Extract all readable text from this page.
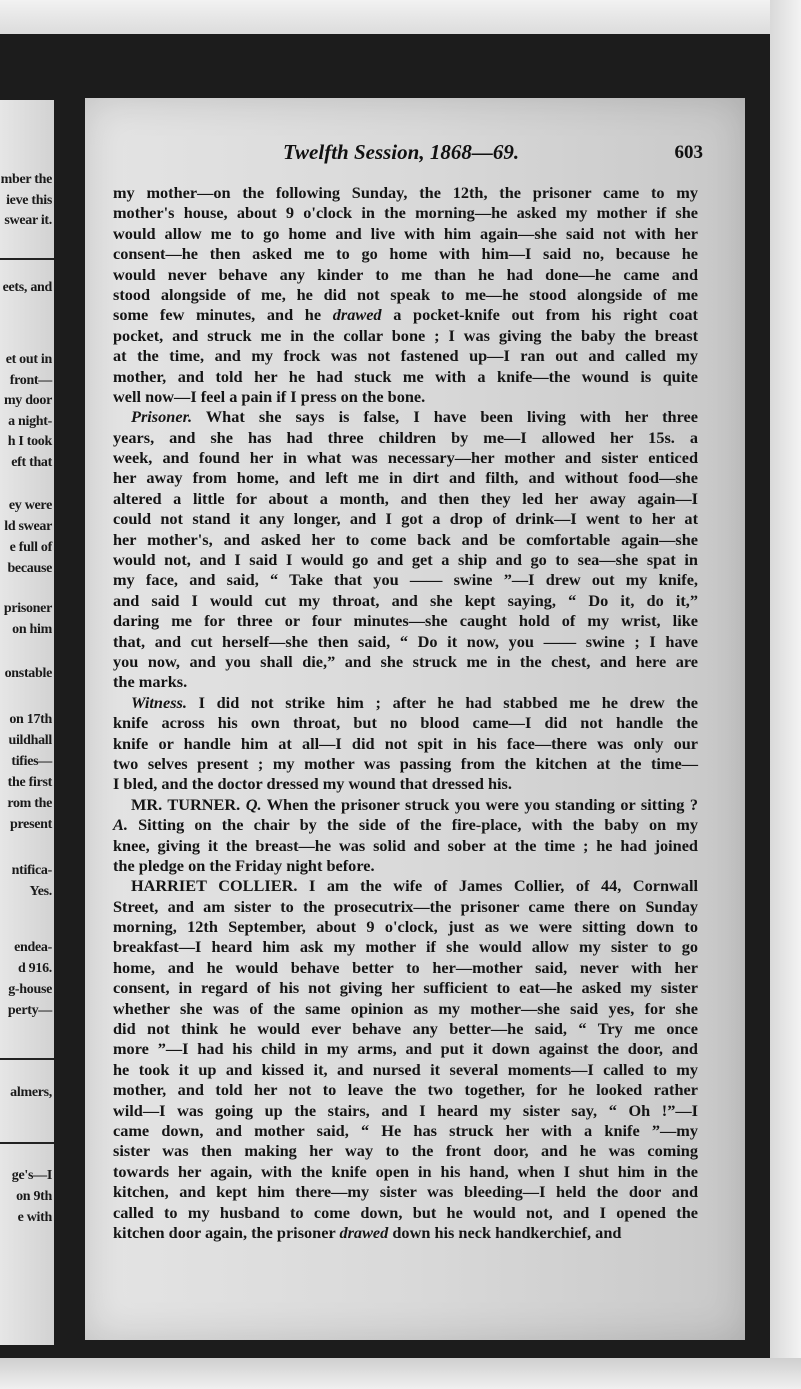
mber the
ieve this
swear it.
eets, and
et out in
front—
my door
a night-
h I took
eft that
ey were
ld swear
e full of
because
prisoner
on him
onstable
on 17th
uildhall
tifies—
the first
rom the
present
ntifica-
Yes.
endea-
d 916.
g-house
perty—
almers,
ge's—I
on 9th
e with
Twelfth Session, 1868—69.	603
my mother—on the following Sunday, the 12th, the prisoner came to my
mother's house, about 9 o'clock in the morning—he asked my mother if she
would allow me to go home and live with him again—she said not with her
consent—he then asked me to go home with him—I said no, because he
would never behave any kinder to me than he had done—he came and
stood alongside of me, he did not speak to me—he stood alongside of me
some few minutes, and he drawed a pocket-knife out from his right coat
pocket, and struck me in the collar bone ; I was giving the baby the breast
at the time, and my frock was not fastened up—I ran out and called my
mother, and told her he had stuck me with a knife—the wound is quite
well now—I feel a pain if I press on the bone.
Prisoner. What she says is false, I have been living with her three
years, and she has had three children by me—I allowed her 15s. a
week, and found her in what was necessary—her mother and sister enticed
her away from home, and left me in dirt and filth, and without food—she
altered a little for about a month, and then they led her away again—I
could not stand it any longer, and I got a drop of drink—I went to her at
her mother's, and asked her to come back and be comfortable again—she
would not, and I said I would go and get a ship and go to sea—she spat in
my face, and said, “ Take that you —— swine ”—I drew out my knife,
and said I would cut my throat, and she kept saying, “ Do it, do it,”
daring me for three or four minutes—she caught hold of my wrist, like
that, and cut herself—she then said, “ Do it now, you —— swine ; I have
you now, and you shall die,” and she struck me in the chest, and here are
the marks.
Witness. I did not strike him ; after he had stabbed me he drew the
knife across his own throat, but no blood came—I did not handle the
knife or handle him at all—I did not spit in his face—there was only our
two selves present ; my mother was passing from the kitchen at the time—
I bled, and the doctor dressed my wound that dressed his.
MR. TURNER. Q. When the prisoner struck you were you standing or sitting ?
A. Sitting on the chair by the side of the fire-place, with the baby on my
knee, giving it the breast—he was solid and sober at the time ; he had joined
the pledge on the Friday night before.
HARRIET COLLIER. I am the wife of James Collier, of 44, Cornwall
Street, and am sister to the prosecutrix—the prisoner came there on Sunday
morning, 12th September, about 9 o'clock, just as we were sitting down to
breakfast—I heard him ask my mother if she would allow my sister to go
home, and he would behave better to her—mother said, never with her
consent, in regard of his not giving her sufficient to eat—he asked my sister
whether she was of the same opinion as my mother—she said yes, for she
did not think he would ever behave any better—he said, “ Try me once
more ”—I had his child in my arms, and put it down against the door, and
he took it up and kissed it, and nursed it several moments—I called to my
mother, and told her not to leave the two together, for he looked rather
wild—I was going up the stairs, and I heard my sister say, “ Oh !”—I
came down, and mother said, “ He has struck her with a knife ”—my
sister was then making her way to the front door, and he was coming
towards her again, with the knife open in his hand, when I shut him in the
kitchen, and kept him there—my sister was bleeding—I held the door and
called to my husband to come down, but he would not, and I opened the
kitchen door again, the prisoner drawed down his neck handkerchief, and
